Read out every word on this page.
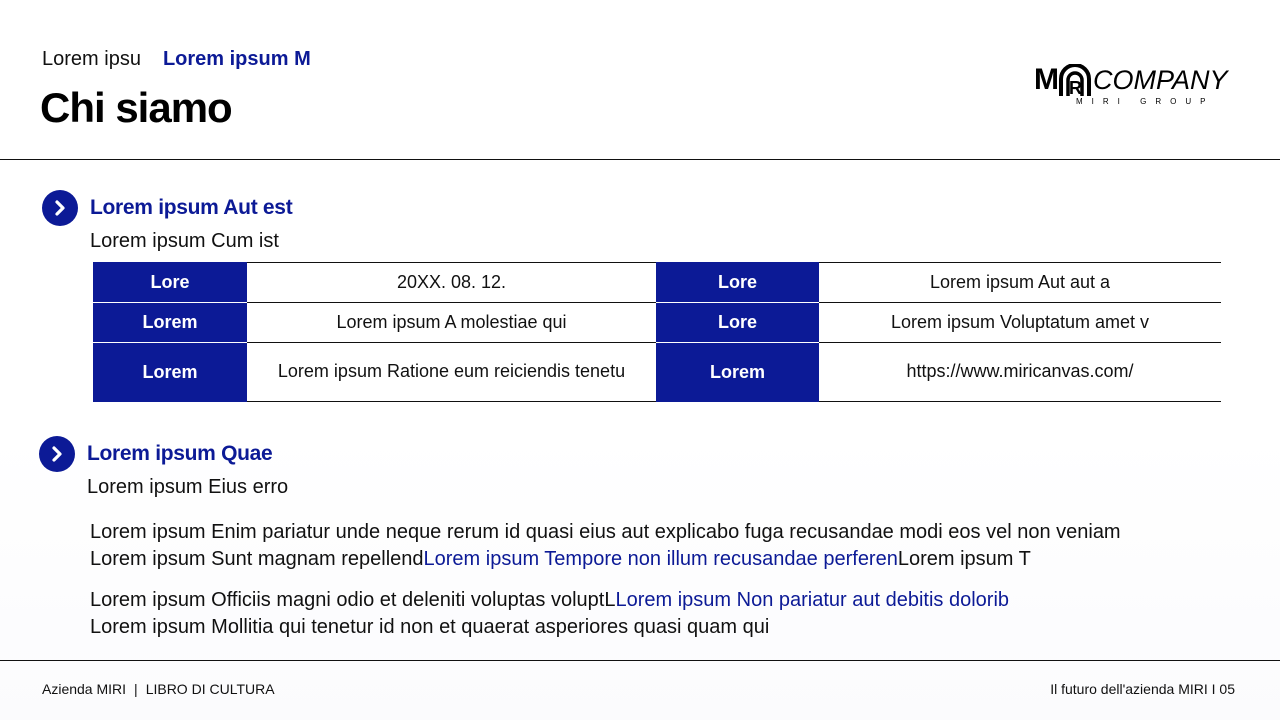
Lorem ipsu Lorem ipsum M
Chi siamo
M R COMPANY
MIRI GROUP
Lorem ipsum Aut est
Lorem ipsum Cum ist
Lore	20XX. 08. 12.	Lore	Lorem ipsum Aut aut a
Lorem	Lorem ipsum A molestiae qui	Lore	Lorem ipsum Voluptatum amet v
Lorem	Lorem ipsum Ratione eum reiciendis tenetu	Lorem	https://www.miricanvas.com/
Lorem ipsum Quae
Lorem ipsum Eius erro
Lorem ipsum Enim pariatur unde neque rerum id quasi eius aut explicabo fuga recusandae modi eos vel non veniam
Lorem ipsum Sunt magnam repellendLorem ipsum Tempore non illum recusandae perferenLorem ipsum T
Lorem ipsum Officiis magni odio et deleniti voluptas voluptLLorem ipsum Non pariatur aut debitis dolorib
Lorem ipsum Mollitia qui tenetur id non et quaerat asperiores quasi quam qui
Azienda MIRI | LIBRO DI CULTURA	Il futuro dell'azienda MIRI I 05
